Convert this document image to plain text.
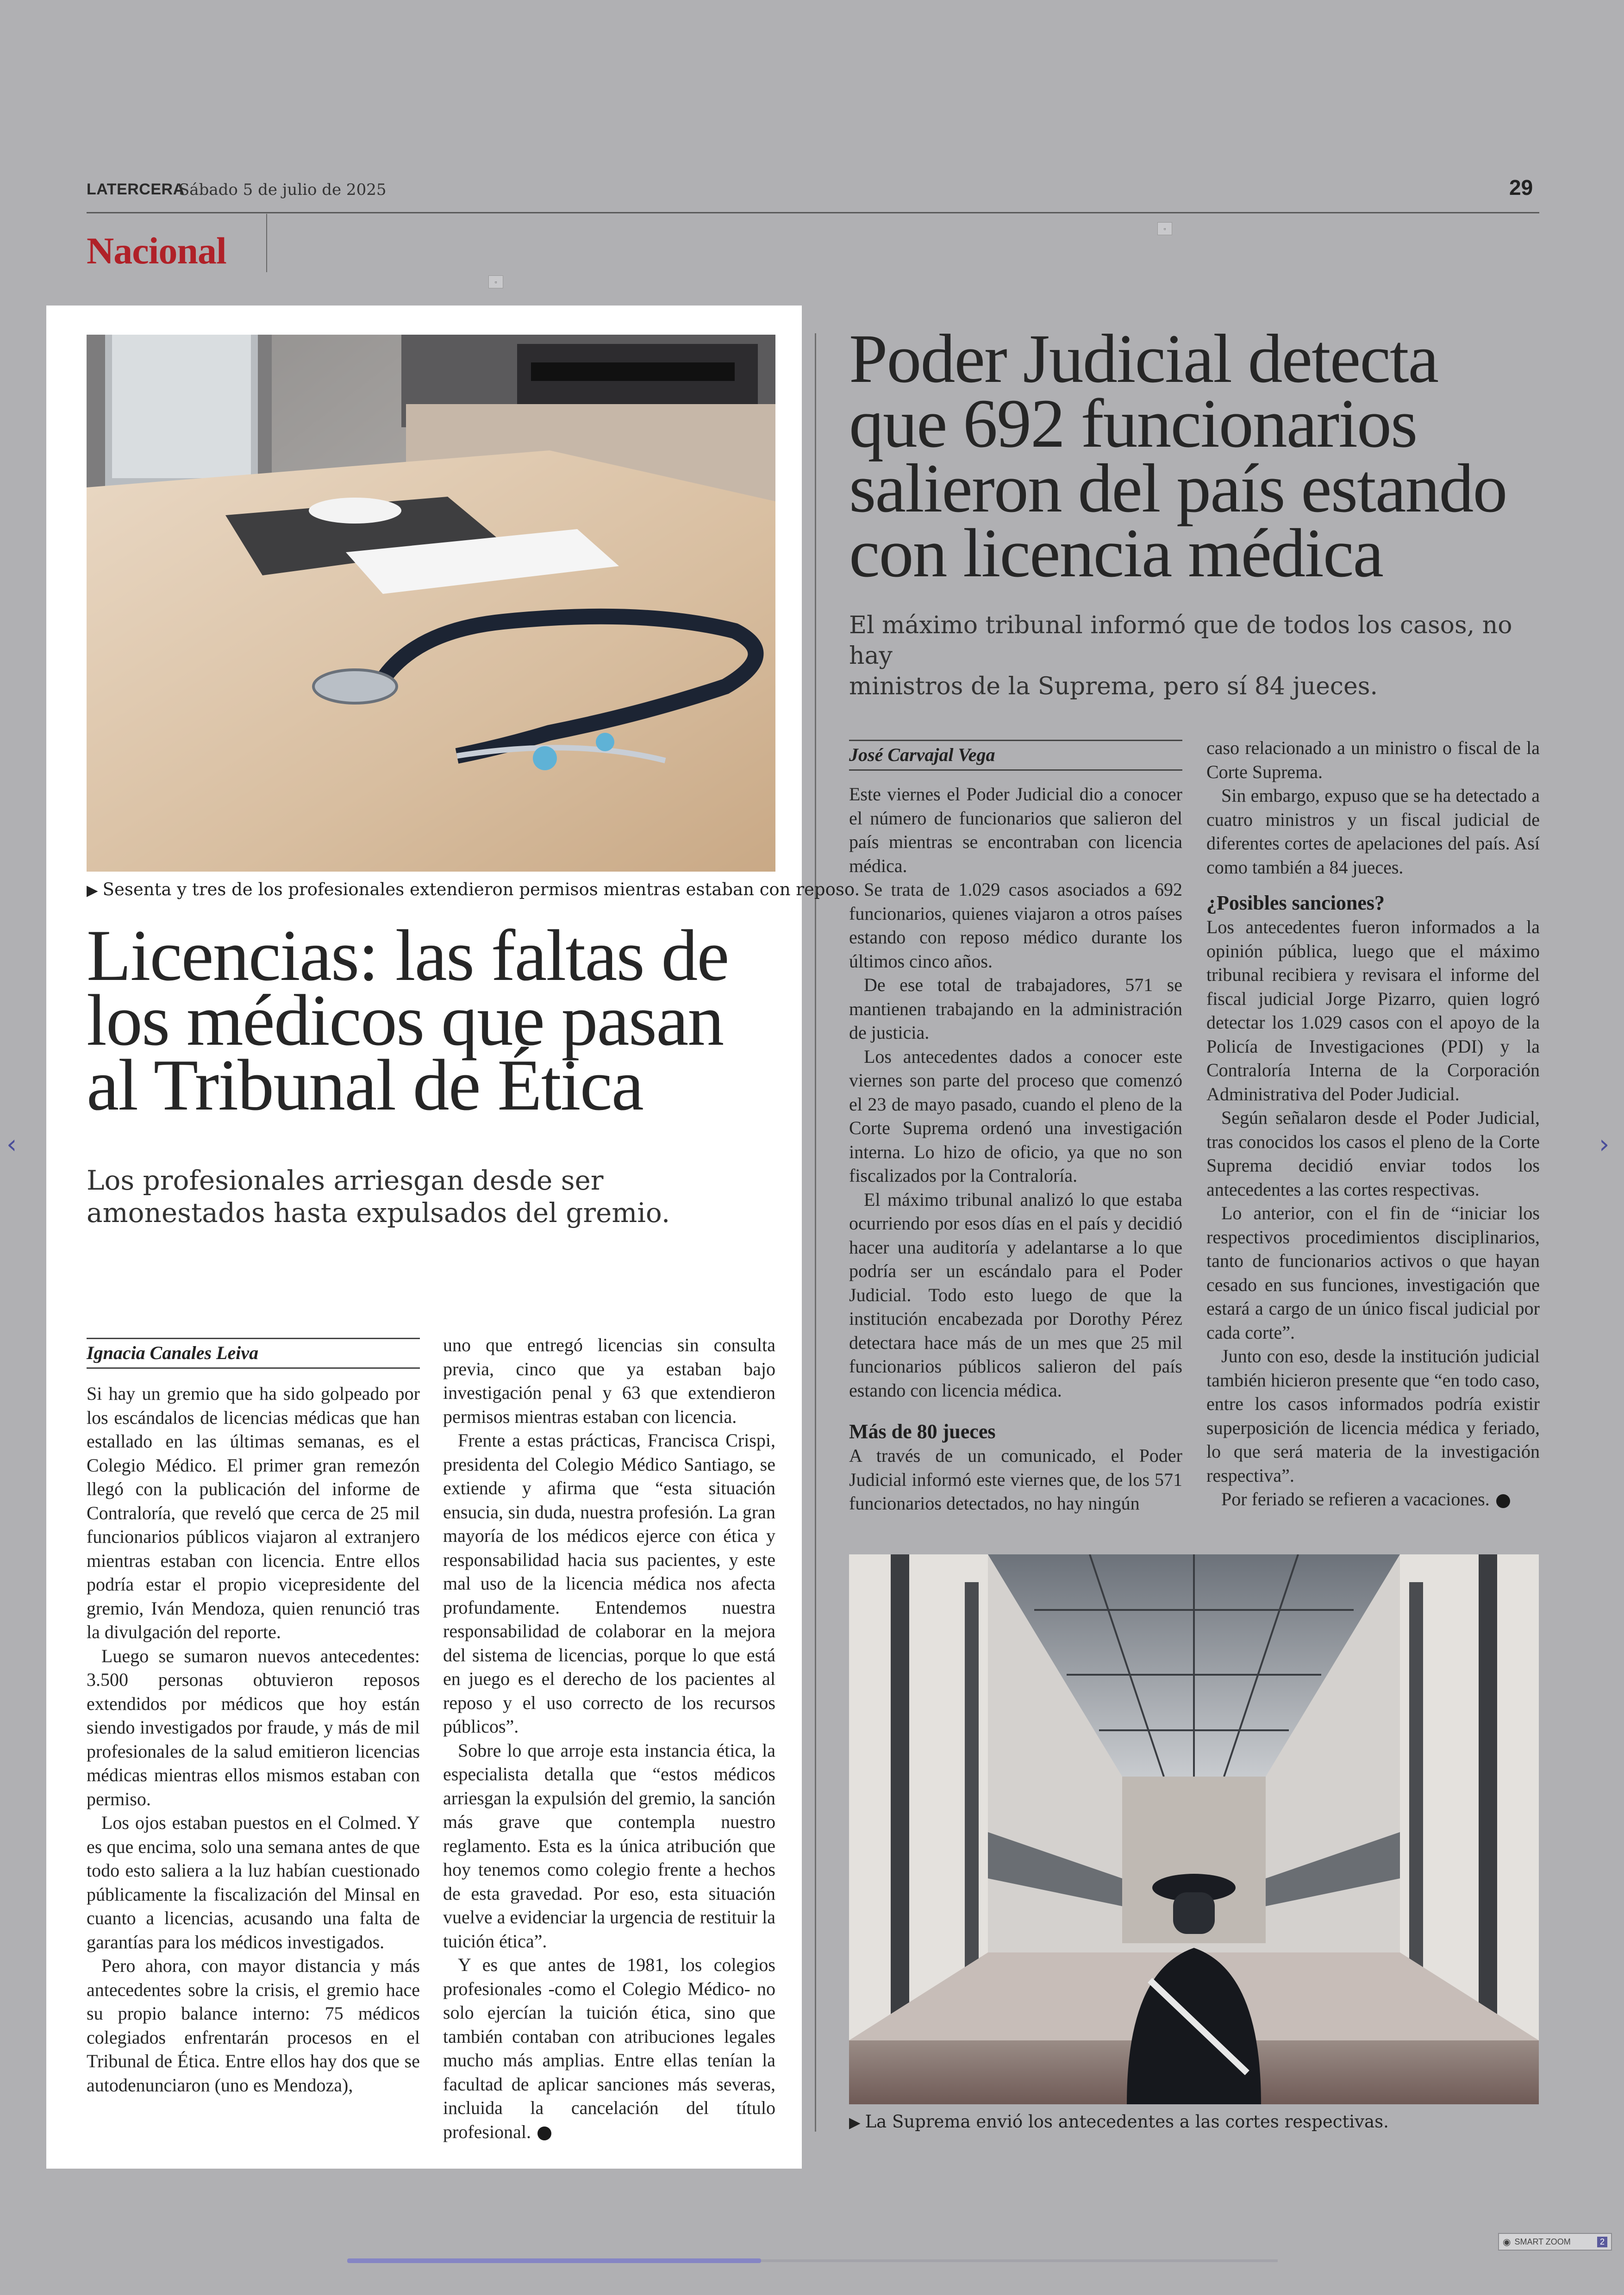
LATERCERA
Sábado 5 de julio de 2025	29
Nacional
▫
▫
▶ Sesenta y tres de los profesionales extendieron permisos mientras estaban con reposo.
Licencias: las faltas de
los médicos que pasan
al Tribunal de Ética
Los profesionales arriesgan desde ser
amonestados hasta expulsados del gremio.
Ignacia Canales Leiva

Si hay un gremio que ha sido golpeado por los escándalos de licencias médicas que han estallado en las últimas semanas, es el Colegio Médico. El primer gran remezón llegó con la publicación del informe de Contraloría, que reveló que cerca de 25 mil funcionarios públicos viajaron al extranjero mientras estaban con licencia. Entre ellos podría estar el propio vicepresidente del gremio, Iván Mendoza, quien renunció tras la divulgación del reporte.

Luego se sumaron nuevos antecedentes: 3.500 personas obtuvieron reposos extendidos por médicos que hoy están siendo investigados por fraude, y más de mil profesionales de la salud emitieron licencias médicas mientras ellos mismos estaban con permiso.

Los ojos estaban puestos en el Colmed. Y es que encima, solo una semana antes de que todo esto saliera a la luz habían cuestionado públicamente la fiscalización del Minsal en cuanto a licencias, acusando una falta de garantías para los médicos investigados.

Pero ahora, con mayor distancia y más antecedentes sobre la crisis, el gremio hace su propio balance interno: 75 médicos colegiados enfrentarán procesos en el Tribunal de Ética. Entre ellos hay dos que se autodenunciaron (uno es Mendoza),

uno que entregó licencias sin consulta previa, cinco que ya estaban bajo investigación penal y 63 que extendieron permisos mientras estaban con licencia.

Frente a estas prácticas, Francisca Crispi, presidenta del Colegio Médico Santiago, se extiende y afirma que “esta situación ensucia, sin duda, nuestra profesión. La gran mayoría de los médicos ejerce con ética y responsabilidad hacia sus pacientes, y este mal uso de la licencia médica nos afecta profundamente. Entendemos nuestra responsabilidad de colaborar en la mejora del sistema de licencias, porque lo que está en juego es el derecho de los pacientes al reposo y el uso correcto de los recursos públicos”.

Sobre lo que arroje esta instancia ética, la especialista detalla que “estos médicos arriesgan la expulsión del gremio, la sanción más grave que contempla nuestro reglamento. Esta es la única atribución que hoy tenemos como colegio frente a hechos de esta gravedad. Por eso, esta situación vuelve a evidenciar la urgencia de restituir la tuición ética”.

Y es que antes de 1981, los colegios profesionales -como el Colegio Médico- no solo ejercían la tuición ética, sino que también contaban con atribuciones legales mucho más amplias. Entre ellas tenían la facultad de aplicar sanciones más severas, incluida la cancelación del título profesional.

Poder Judicial detecta
que 692 funcionarios
salieron del país estando
con licencia médica
El máximo tribunal informó que de todos los casos, no hay
ministros de la Suprema, pero sí 84 jueces.
José Carvajal Vega

Este viernes el Poder Judicial dio a conocer el número de funcionarios que salieron del país mientras se encontraban con licencia médica.

Se trata de 1.029 casos asociados a 692 funcionarios, quienes viajaron a otros países estando con reposo médico durante los últimos cinco años.

De ese total de trabajadores, 571 se mantienen trabajando en la administración de justicia.

Los antecedentes dados a conocer este viernes son parte del proceso que comenzó el 23 de mayo pasado, cuando el pleno de la Corte Suprema ordenó una investigación interna. Lo hizo de oficio, ya que no son fiscalizados por la Contraloría.

El máximo tribunal analizó lo que estaba ocurriendo por esos días en el país y decidió hacer una auditoría y adelantarse a lo que podría ser un escándalo para el Poder Judicial. Todo esto luego de que la institución encabezada por Dorothy Pérez detectara hace más de un mes que 25 mil funcionarios públicos salieron del país estando con licencia médica.

Más de 80 jueces

A través de un comunicado, el Poder Judicial informó este viernes que, de los 571 funcionarios detectados, no hay ningún

caso relacionado a un ministro o fiscal de la Corte Suprema.

Sin embargo, expuso que se ha detectado a cuatro ministros y un fiscal judicial de diferentes cortes de apelaciones del país. Así como también a 84 jueces.

¿Posibles sanciones?

Los antecedentes fueron informados a la opinión pública, luego que el máximo tribunal recibiera y revisara el informe del fiscal judicial Jorge Pizarro, quien logró detectar los 1.029 casos con el apoyo de la Policía de Investigaciones (PDI) y la Contraloría Interna de la Corporación Administrativa del Poder Judicial.

Según señalaron desde el Poder Judicial, tras conocidos los casos el pleno de la Corte Suprema decidió enviar todos los antecedentes a las cortes respectivas.

Lo anterior, con el fin de “iniciar los respectivos procedimientos disciplinarios, tanto de funcionarios activos o que hayan cesado en sus funciones, investigación que estará a cargo de un único fiscal judicial por cada corte”.

Junto con eso, desde la institución judicial también hicieron presente que “en todo caso, entre los casos informados podría existir superposición de licencia médica y feriado, lo que será materia de la investigación respectiva”.

Por feriado se refieren a vacaciones.

▶ La Suprema envió los antecedentes a las cortes respectivas.
‹	›
◉ SMART ZOOM	2
